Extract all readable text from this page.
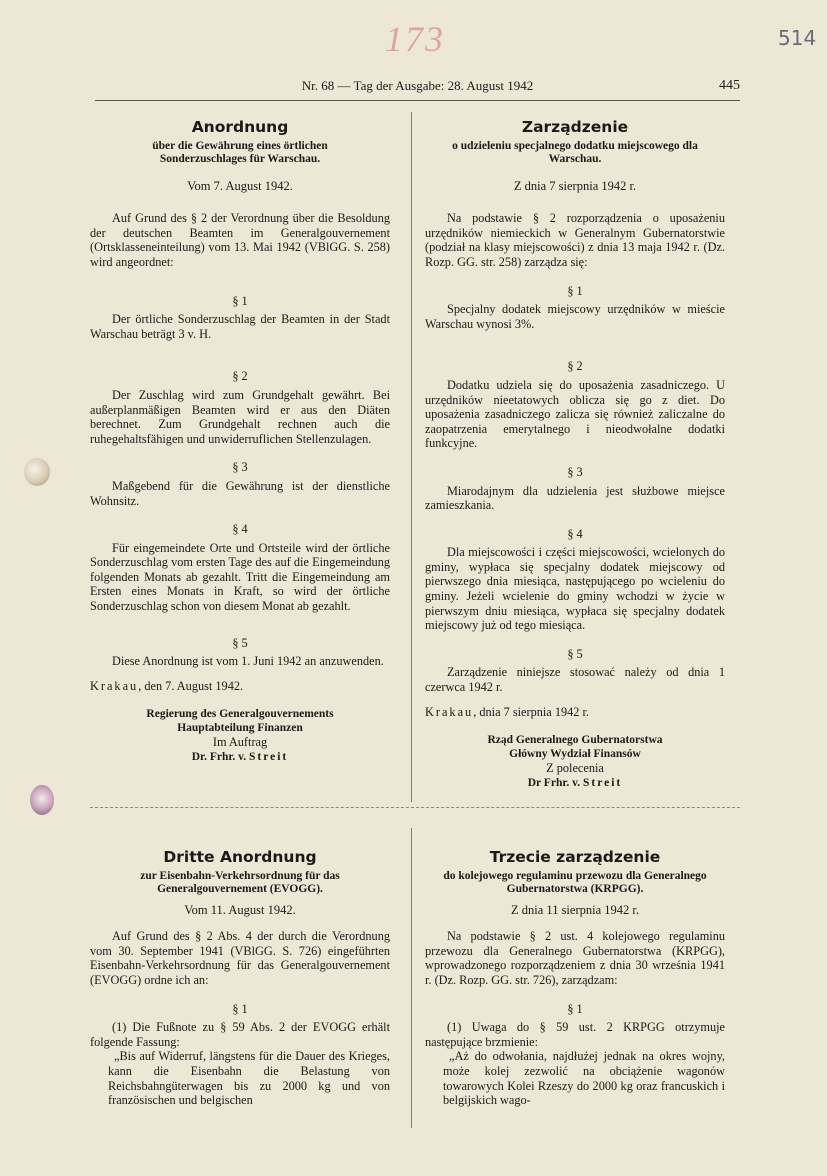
173	514
Nr. 68 — Tag der Ausgabe: 28. August 1942	445
Anordnung
über die Gewährung eines örtlichen Sonderzuschlages für Warschau.
Vom 7. August 1942.

Auf Grund des § 2 der Verordnung über die Besoldung der deutschen Beamten im Generalgouvernement (Ortsklasseneinteilung) vom 13. Mai 1942 (VBlGG. S. 258) wird angeordnet:

§ 1

Der örtliche Sonderzuschlag der Beamten in der Stadt Warschau beträgt 3 v. H.

§ 2

Der Zuschlag wird zum Grundgehalt gewährt. Bei außerplanmäßigen Beamten wird er aus den Diäten berechnet. Zum Grundgehalt rechnen auch die ruhegehaltsfähigen und unwiderruflichen Stellenzulagen.

§ 3

Maßgebend für die Gewährung ist der dienstliche Wohnsitz.

§ 4

Für eingemeindete Orte und Ortsteile wird der örtliche Sonderzuschlag vom ersten Tage des auf die Eingemeindung folgenden Monats ab gezahlt. Tritt die Eingemeindung am Ersten eines Monats in Kraft, so wird der örtliche Sonderzuschlag schon von diesem Monat ab gezahlt.

§ 5

Diese Anordnung ist vom 1. Juni 1942 an anzuwenden.

Krakau, den 7. August 1942.

Regierung des Generalgouvernements
Hauptabteilung Finanzen
Im Auftrag
Dr. Frhr. v. Streit
Zarządzenie
o udzieleniu specjalnego dodatku miejscowego dla Warschau.
Z dnia 7 sierpnia 1942 r.

Na podstawie § 2 rozporządzenia o uposażeniu urzędników niemieckich w Generalnym Gubernatorstwie (podział na klasy miejscowości) z dnia 13 maja 1942 r. (Dz. Rozp. GG. str. 258) zarządza się:

§ 1

Specjalny dodatek miejscowy urzędników w mieście Warschau wynosi 3%.

§ 2

Dodatku udziela się do uposażenia zasadniczego. U urzędników nieetatowych oblicza się go z diet. Do uposażenia zasadniczego zalicza się również zaliczalne do zaopatrzenia emerytalnego i nieodwołalne dodatki funkcyjne.

§ 3

Miarodajnym dla udzielenia jest służbowe miejsce zamieszkania.

§ 4

Dla miejscowości i części miejscowości, wcielonych do gminy, wypłaca się specjalny dodatek miejscowy od pierwszego dnia miesiąca, następującego po wcieleniu do gminy. Jeżeli wcielenie do gminy wchodzi w życie w pierwszym dniu miesiąca, wypłaca się specjalny dodatek miejscowy już od tego miesiąca.

§ 5

Zarządzenie niniejsze stosować należy od dnia 1 czerwca 1942 r.

Krakau, dnia 7 sierpnia 1942 r.

Rząd Generalnego Gubernatorstwa
Główny Wydział Finansów
Z polecenia
Dr Frhr. v. Streit
Dritte Anordnung
zur Eisenbahn-Verkehrsordnung für das Generalgouvernement (EVOGG).
Vom 11. August 1942.

Auf Grund des § 2 Abs. 4 der durch die Verordnung vom 30. September 1941 (VBlGG. S. 726) eingeführten Eisenbahn-Verkehrsordnung für das Generalgouvernement (EVOGG) ordne ich an:

§ 1

(1) Die Fußnote zu § 59 Abs. 2 der EVOGG erhält folgende Fassung:

„Bis auf Widerruf, längstens für die Dauer des Krieges, kann die Eisenbahn die Belastung von Reichsbahngüterwagen bis zu 2000 kg und von französischen und belgischen

Trzecie zarządzenie
do kolejowego regulaminu przewozu dla Generalnego Gubernatorstwa (KRPGG).
Z dnia 11 sierpnia 1942 r.

Na podstawie § 2 ust. 4 kolejowego regulaminu przewozu dla Generalnego Gubernatorstwa (KRPGG), wprowadzonego rozporządzeniem z dnia 30 września 1941 r. (Dz. Rozp. GG. str. 726), zarządzam:

§ 1

(1) Uwaga do § 59 ust. 2 KRPGG otrzymuje następujące brzmienie:

„Aż do odwołania, najdłużej jednak na okres wojny, może kolej zezwolić na obciążenie wagonów towarowych Kolei Rzeszy do 2000 kg oraz francuskich i belgijskich wago-
